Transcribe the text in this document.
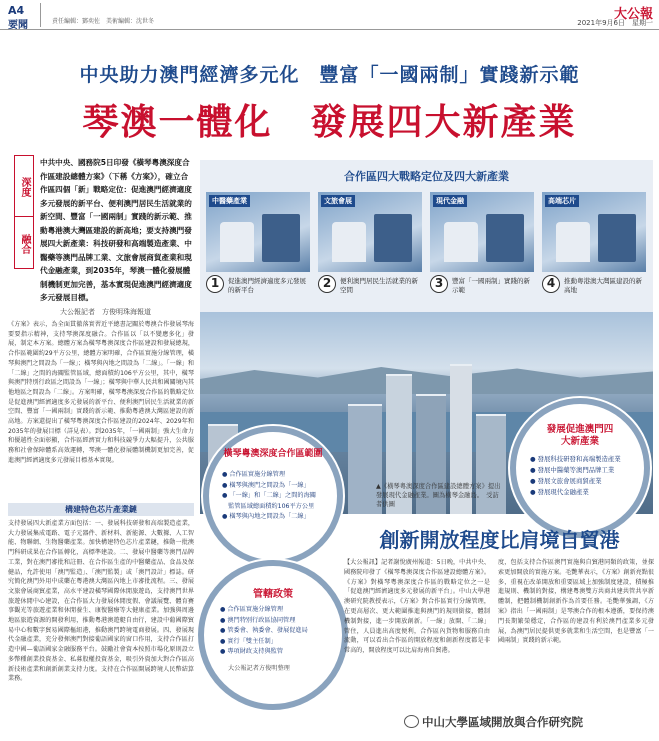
A4
要聞	責任編輯：鄧奕佐　美術編輯：沈世冬	大公報
2021年9月6日　星期一
中央助力澳門經濟多元化　豐富「一國兩制」實踐新示範
琴澳一體化　發展四大新產業
深度
融合
中共中央、國務院5日印發《橫琴粵澳深度合作區建設總體方案》（下稱《方案》），確立合作區四個「新」戰略定位：促進澳門經濟適度多元發展的新平台、便利澳門居民生活就業的新空間、豐富「一國兩制」實踐的新示範、推動粵港澳大灣區建設的新高地；要支持澳門發展四大新產業：科技研發和高端製造產業、中醫藥等澳門品牌工業、文旅會展商貿產業和現代金融產業，到2035年，琴澳一體化發展體制機制更加完善，基本實現促進澳門經濟適度多元發展目標。
大公報記者　方俊明珠海報道
《方案》表示，為全面貫徹落實習近平總書記關於粵澳合作發展琴海要要指示精神，支持琴澳深度融合。合作區以「以不變應多化」發展，制定本方案。總體方案為橫琴粵澳深度合作區建設和發展總規，合作區範圍約29平方公里，總體方案明確，合作區實施分線管理，橫琴與澳門之間設為「一線」；橫琴與內地之間設為「二線」。「一線」和「二線」之間的海關監管區域，總面積約106平方公里，其中，橫琴與澳門特別行政區之間設為「一線」；橫琴與中華人民共和國關境內其他地區之間設為「二線」。方案明確，橫琴粵澳深度合作區的戰略定位是促進澳門經濟適度多元發展的新平台、便利澳門居民生活就業的新空間、豐富「一國兩制」實踐的新示範、推動粵港澳大灣區建設的新高地。方案還提出了橫琴粵澳深度合作區建設的2024年、2029年和2035年的發展目標（詳見表）。到2035年，「一國兩制」強大生命力和優越性全面彰顯，合作區經濟實力和科技競爭力大幅提升，公共服務和社會保障體系高效運轉，琴澳一體化發展體制機制更加完善，促進澳門經濟適度多元發展目標基本實現。
構建特色芯片產業鏈
支持發展四大新產業方面包括：一、發展科技研發和高端製造產業，大力發展集成電路、電子元器件、新材料、新能源、大數據、人工智能、物聯網、生物醫藥產業。加快構建特色芯片產業鏈，推動一批澳門科研成果在合作區轉化，高標準建設。二、發展中醫藥等澳門品牌工業，對在澳門審批和註冊、在合作區生產的中醫藥產品、食品及保健品，允許使用「澳門監造」、「澳門監製」或「澳門設計」標誌。研究簡化澳門外用中成藥在粵港澳大灣區內地上市審批流程。三、發展文旅會展商貿產業，高水平建設橫琴國際休閒旅遊島，支持澳門世界旅遊休閒中心建設，在合作區大力發展休閒度假、會議展覽、體育賽事觀光等旅遊產業和休閒養生、康復醫療等大健康產業。加強與周邊地區旅遊資源的開發利用，推動粵港澳遊艇自由行，建設中葡國際貿易中心和數字貿易國際樞紐港，推動澳門跨境電商發展。四、發展現代金融產業，充分發揮澳門對接葡語國家的窗口作用，支持合作區打造中國—葡語國家金融服務平台。鼓勵社會資本按照市場化原則設立多幣種創業投資基金、私募股權投資基金，吸引外資加大對合作區高新技術產業和創新創業支持力度。支持在合作區開展跨境人民幣結算業務。
合作區四大戰略定位及四大新產業
中醫藥產業	文旅會展	現代金融	高端芯片
1	促進澳門經濟適度多元發展的新平台	2	便利澳門居民生活就業的新空間	3	豐富「一國兩制」實踐的新示範	4	推動粵港澳大灣區建設的新高地
橫琴粵澳深度合作區範圍
● 合作區實施分線管理
● 橫琴與澳門之間設為「一線」
● 「一線」和「二線」之間的海關
　監管區域總面積約106平方公里
● 橫琴與內地之間設為「二線」
管轄政策
● 合作區實施分線管理
● 澳門特別行政區協同管理
● 管委會、執委會、發展促進局
● 實行「雙主任制」
● 專項財政支持與監管
大公報記者方俊明整理
發展促進澳門四大新產業
● 發展科技研發和高端製造產業
● 發展中醫藥等澳門品牌工業
● 發展文旅會展商貿產業
● 發展現代金融產業
▲《橫琴粵澳深度合作區建設總體方案》提出發展現代金融產業。圖為橫琴金融島。　受訪者供圖
創新開放程度比肩境自貿港
【大公報訊】記者謝悅廣州報道：5日晚，中共中央、國務院印發了《橫琴粵澳深度合作區建設總體方案》。《方案》對橫琴粵澳深度合作區的戰略定位之一是「促進澳門經濟適度多元發展的新平台」。中山大學港澳研究院教授表示，《方案》對合作區實行分線管理，在更高層次、更大範圍推進與澳門的規則銜接，體制機制對接，進一步開放創新。「一線」放開、「二線」管住，人員進出高度便利，合作區內貨物和服務自由流動，可以看出合作區的開放程度和創新程度都是非常高的，開放程度可以比肩海南自貿港。
度，包括支持合作區澳門實施與自貿港同類的政策，並探索更加開放的實施方案。毛艷華表示，《方案》創新亮點很多，重視在改革開放和重要區域上加強制度建設，積極推進規則、機制的對接，構建粵澳雙方共商共建共管共享新體制，把體制機制創新作為首要任務。毛艷華強調，《方案》指出「一國兩制」是琴澳合作的根本遵循，要保持澳門長期繁榮穩定，合作區的建設有利於澳門產業多元發展，為澳門居民提供更多就業和生活空間，也是豐富「一國兩制」實踐的新示範。
中山大學區域開放與合作研究院
